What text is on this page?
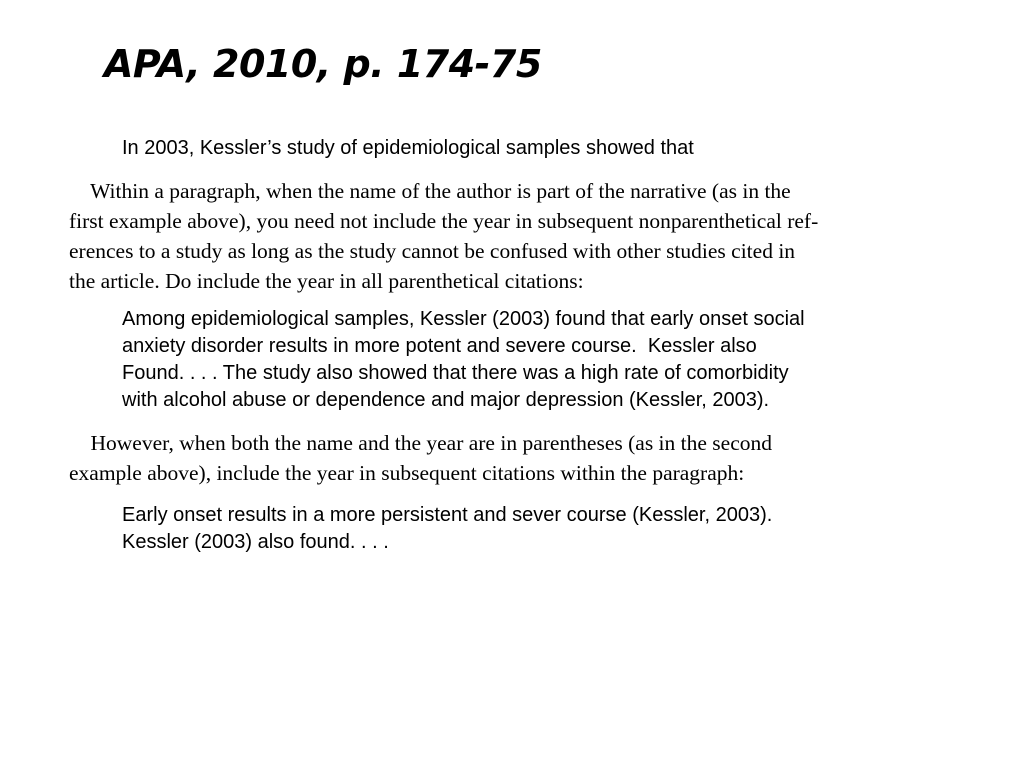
APA, 2010, p. 174-75

In 2003, Kessler’s study of epidemiological samples showed that

Within a paragraph, when the name of the author is part of the narrative (as in the
first example above), you need not include the year in subsequent nonparenthetical ref-
erences to a study as long as the study cannot be confused with other studies cited in
the article. Do include the year in all parenthetical citations:

Among epidemiological samples, Kessler (2003) found that early onset social
anxiety disorder results in more potent and severe course.  Kessler also
Found. . . . The study also showed that there was a high rate of comorbidity
with alcohol abuse or dependence and major depression (Kessler, 2003).

However, when both the name and the year are in parentheses (as in the second
example above), include the year in subsequent citations within the paragraph:

Early onset results in a more persistent and sever course (Kessler, 2003).
Kessler (2003) also found. . . .
